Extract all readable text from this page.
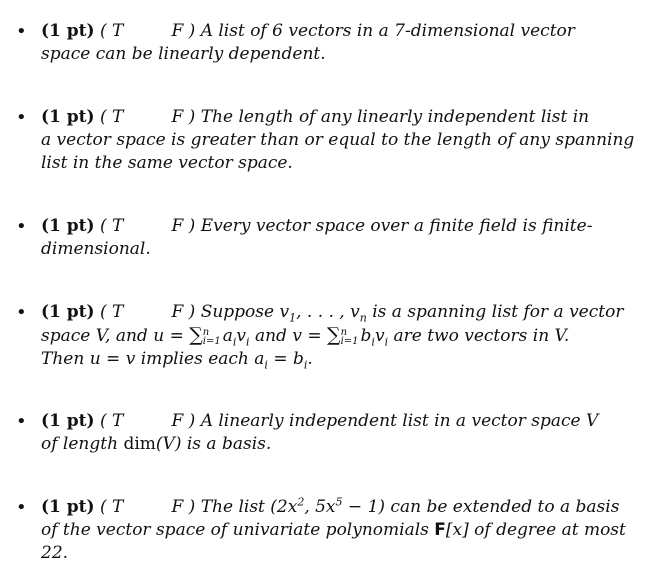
• (1 pt) ( T	F ) A list of 6 vectors in a 7-dimensional vector
space can be linearly dependent.
• (1 pt) ( T	F ) The length of any linearly independent list in
a vector space is greater than or equal to the length of any spanning
list in the same vector space.
• (1 pt) ( T	F ) Every vector space over a finite field is finite-
dimensional.
• (1 pt) ( T	F ) Suppose $v_1$, . . . , $v_n$ is a spanning list for a vector
space V, and u = ∑n
i=1 $a_iv_i$ and v = ∑n
i=1 $b_iv_i$ are two vectors in V.
Then u = v implies each $a_i = b_i$.
• (1 pt) ( T	F ) A linearly independent list in a vector space V
of length dim(V) is a basis.
• (1 pt) ( T	F ) The list ($2x^2$, $5x^5 - 1$) can be extended to a basis
of the vector space of univariate polynomials F[x] of degree at most
22.
